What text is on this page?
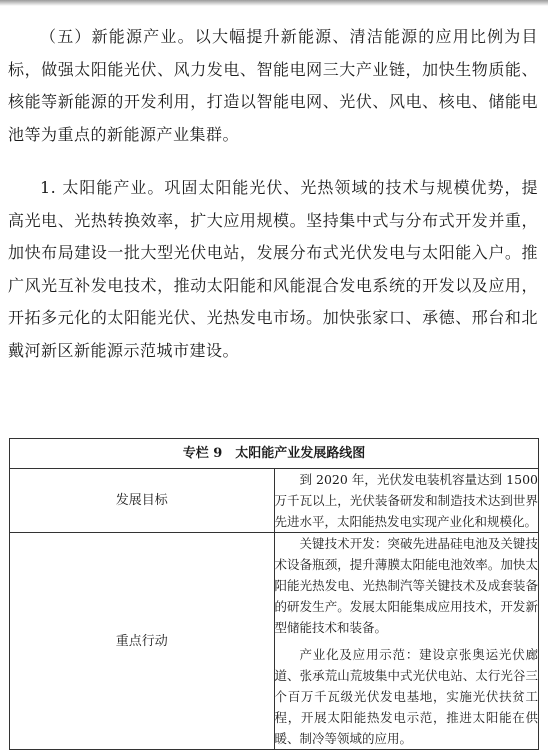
（五）新能源产业。以大幅提升新能源、清洁能源的应用比例为目标，做强太阳能光伏、风力发电、智能电网三大产业链，加快生物质能、核能等新能源的开发利用，打造以智能电网、光伏、风电、核电、储能电池等为重点的新能源产业集群。
1. 太阳能产业。巩固太阳能光伏、光热领域的技术与规模优势，提高光电、光热转换效率，扩大应用规模。坚持集中式与分布式开发并重，加快布局建设一批大型光伏电站，发展分布式光伏发电与太阳能入户。推广风光互补发电技术，推动太阳能和风能混合发电系统的开发以及应用，开拓多元化的太阳能光伏、光热发电市场。加快张家口、承德、邢台和北戴河新区新能源示范城市建设。
专栏 9　太阳能产业发展路线图	
发展目标	到 2020 年，光伏发电装机容量达到 1500 万千瓦以上，光伏装备研发和制造技术达到世界先进水平，太阳能热发电实现产业化和规模化。

重点行动	关键技术开发：突破先进晶硅电池及关键技术设备瓶颈，提升薄膜太阳能电池效率。加快太阳能光热发电、光热制汽等关键技术及成套装备的研发生产。发展太阳能集成应用技术，开发新型储能技术和装备。

产业化及应用示范：建设京张奥运光伏廊道、张承荒山荒坡集中式光伏电站、太行光谷三个百万千瓦级光伏发电基地，实施光伏扶贫工程，开展太阳能热发电示范，推进太阳能在供暖、制冷等领域的应用。
